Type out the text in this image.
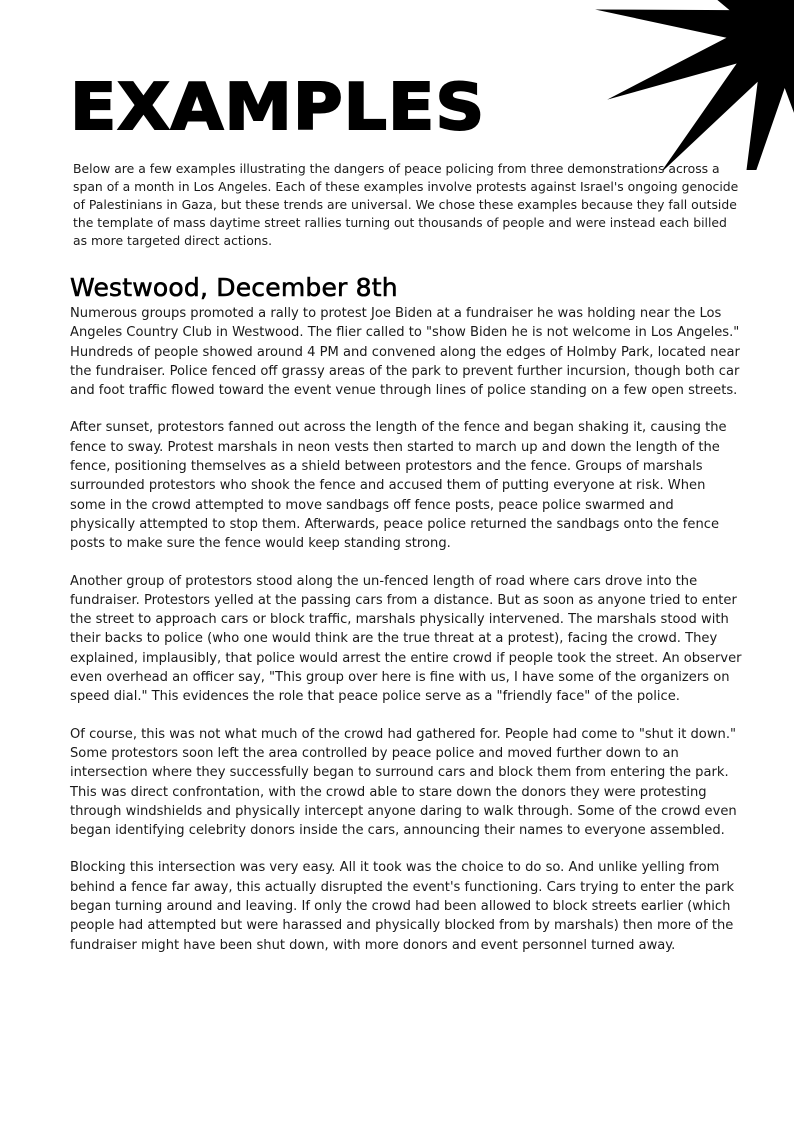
EXAMPLES

Below are a few examples illustrating the dangers of peace policing from three demonstrations across a span of a month in Los Angeles. Each of these examples involve protests against Israel's ongoing genocide of Palestinians in Gaza, but these trends are universal. We chose these examples because they fall outside the template of mass daytime street rallies turning out thousands of people and were instead each billed as more targeted direct actions.

Westwood, December 8th

Numerous groups promoted a rally to protest Joe Biden at a fundraiser he was holding near the Los Angeles Country Club in Westwood. The flier called to "show Biden he is not welcome in Los Angeles." Hundreds of people showed around 4 PM and convened along the edges of Holmby Park, located near the fundraiser. Police fenced off grassy areas of the park to prevent further incursion, though both car and foot traffic flowed toward the event venue through lines of police standing on a few open streets.

After sunset, protestors fanned out across the length of the fence and began shaking it, causing the fence to sway. Protest marshals in neon vests then started to march up and down the length of the fence, positioning themselves as a shield between protestors and the fence. Groups of marshals surrounded protestors who shook the fence and accused them of putting everyone at risk. When some in the crowd attempted to move sandbags off fence posts, peace police swarmed and physically attempted to stop them. Afterwards, peace police returned the sandbags onto the fence posts to make sure the fence would keep standing strong.

Another group of protestors stood along the un-fenced length of road where cars drove into the fundraiser. Protestors yelled at the passing cars from a distance. But as soon as anyone tried to enter the street to approach cars or block traffic, marshals physically intervened. The marshals stood with their backs to police (who one would think are the true threat at a protest), facing the crowd. They explained, implausibly, that police would arrest the entire crowd if people took the street. An observer even overhead an officer say, "This group over here is fine with us, I have some of the organizers on speed dial." This evidences the role that peace police serve as a "friendly face" of the police.

Of course, this was not what much of the crowd had gathered for. People had come to "shut it down." Some protestors soon left the area controlled by peace police and moved further down to an intersection where they successfully began to surround cars and block them from entering the park. This was direct confrontation, with the crowd able to stare down the donors they were protesting through windshields and physically intercept anyone daring to walk through. Some of the crowd even began identifying celebrity donors inside the cars, announcing their names to everyone assembled.

Blocking this intersection was very easy. All it took was the choice to do so. And unlike yelling from behind a fence far away, this actually disrupted the event's functioning. Cars trying to enter the park began turning around and leaving. If only the crowd had been allowed to block streets earlier (which people had attempted but were harassed and physically blocked from by marshals) then more of the fundraiser might have been shut down, with more donors and event personnel turned away.
